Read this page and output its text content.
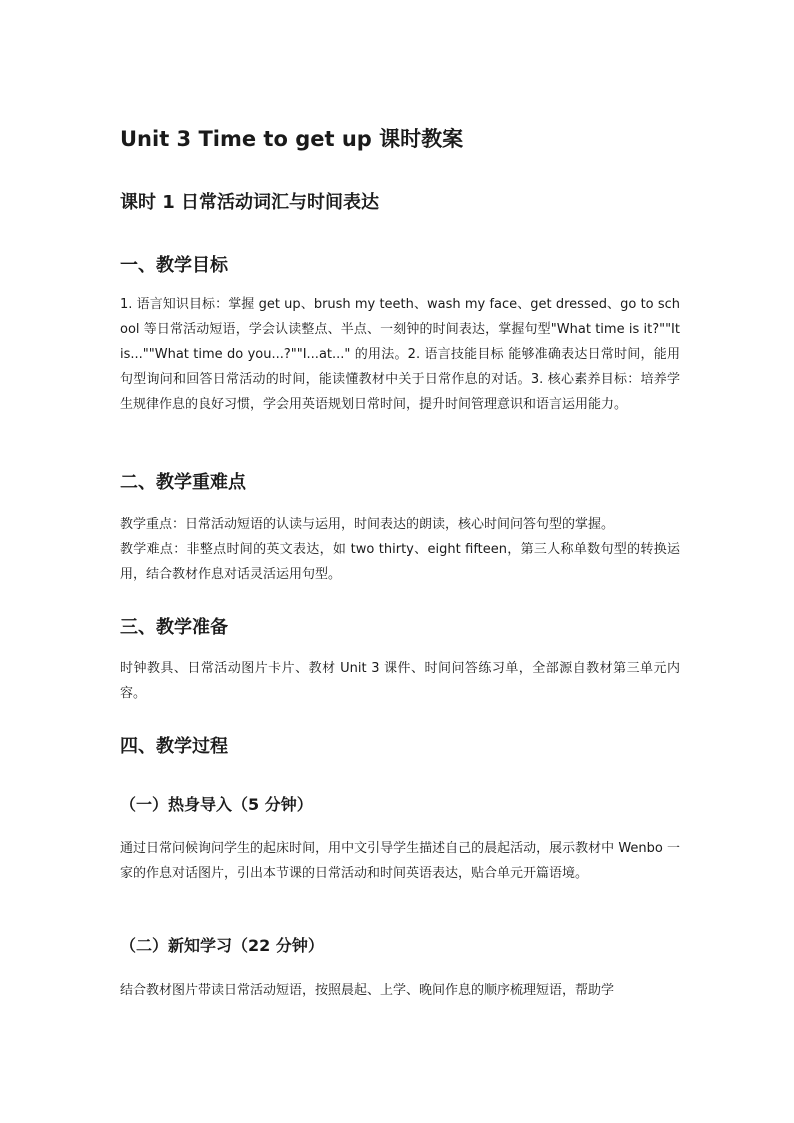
Unit 3 Time to get up 课时教案
课时 1 日常活动词汇与时间表达
一、教学目标

1. 语言知识目标：掌握 get up、brush my teeth、wash my face、get dressed、go to school 等日常活动短语，学会认读整点、半点、一刻钟的时间表达，掌握句型"What time is it?""It is...""What time do you...?""I...at..." 的用法。2. 语言技能目标 能够准确表达日常时间，能用句型询问和回答日常活动的时间，能读懂教材中关于日常作息的对话。3. 核心素养目标：培养学生规律作息的良好习惯，学会用英语规划日常时间，提升时间管理意识和语言运用能力。

二、教学重难点

教学重点：日常活动短语的认读与运用，时间表达的朗读，核心时间问答句型的掌握。

教学难点：非整点时间的英文表达，如 two thirty、eight fifteen，第三人称单数句型的转换运用，结合教材作息对话灵活运用句型。

三、教学准备

时钟教具、日常活动图片卡片、教材 Unit 3 课件、时间问答练习单，全部源自教材第三单元内容。

四、教学过程
（一）热身导入（5 分钟）

通过日常问候询问学生的起床时间，用中文引导学生描述自己的晨起活动，展示教材中 Wenbo 一家的作息对话图片，引出本节课的日常活动和时间英语表达，贴合单元开篇语境。

（二）新知学习（22 分钟）

结合教材图片带读日常活动短语，按照晨起、上学、晚间作息的顺序梳理短语，帮助学
